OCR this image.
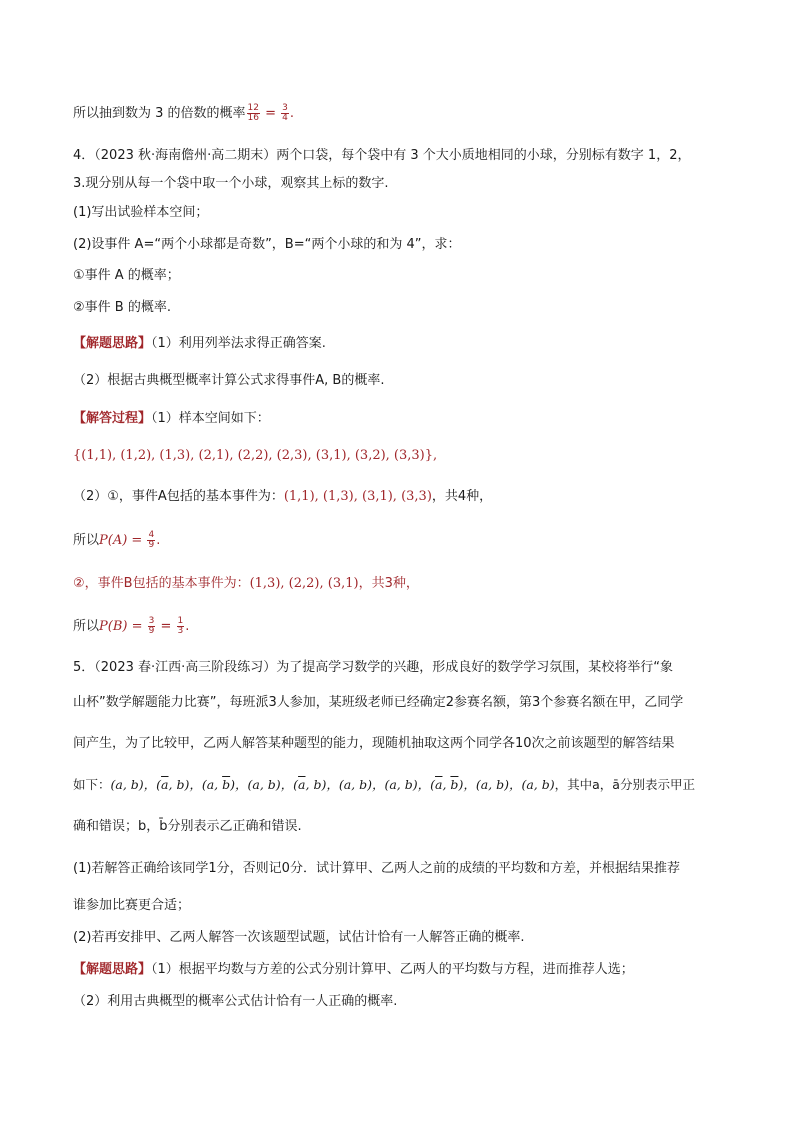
所以抽到数为 3 的倍数的概率 $\frac{12}{16} = \frac{3}{4}$ .
4．（2023 秋·海南儋州·高二期末）两个口袋，每个袋中有 3 个大小质地相同的小球，分别标有数字 1，2，
3.现分别从每一个袋中取一个小球，观察其上标的数字.
(1)写出试验样本空间；
(2)设事件 A=“两个小球都是奇数”，B=“两个小球的和为 4”，求：
①事件 A 的概率；
②事件 B 的概率.
【解题思路】（1）利用列举法求得正确答案.
（2）根据古典概型概率计算公式求得事件A, B的概率.
【解答过程】（1）样本空间如下：
{(1,1), (1,2), (1,3), (2,1), (2,2), (2,3), (3,1), (3,2), (3,3)},
（2）①，事件A包括的基本事件为：(1,1), (1,3), (3,1), (3,3)，共4种，
所以$P(A) = \frac{4}{9}$ .
②，事件B包括的基本事件为：(1,3), (2,2), (3,1)，共3种，
所以$P(B) = \frac{3}{9} = \frac{1}{3}$ .
5．（2023 春·江西·高三阶段练习）为了提高学习数学的兴趣，形成良好的数学学习氛围，某校将举行“象
山杯”数学解题能力比赛”，每班派3人参加，某班级老师已经确定2参赛名额，第3个参赛名额在甲，乙同学
间产生，为了比较甲，乙两人解答某种题型的能力，现随机抽取这两个同学各10次之前该题型的解答结果
如下：(a, b)，($\overline{a}$, b)，(a, $\overline{b}$)，(a, b)，($\overline{a}$, b)，(a, b)，(a, b)，($\overline{a}$, $\overline{b}$)，(a, b)，(a, b)，其中a，ā分别表示甲正
确和错误；b，b̄分别表示乙正确和错误.
(1)若解答正确给该同学1分，否则记0分．试计算甲、乙两人之前的成绩的平均数和方差，并根据结果推荐
谁参加比赛更合适；
(2)若再安排甲、乙两人解答一次该题型试题，试估计恰有一人解答正确的概率.
【解题思路】（1）根据平均数与方差的公式分别计算甲、乙两人的平均数与方程，进而推荐人选；
（2）利用古典概型的概率公式估计恰有一人正确的概率.
